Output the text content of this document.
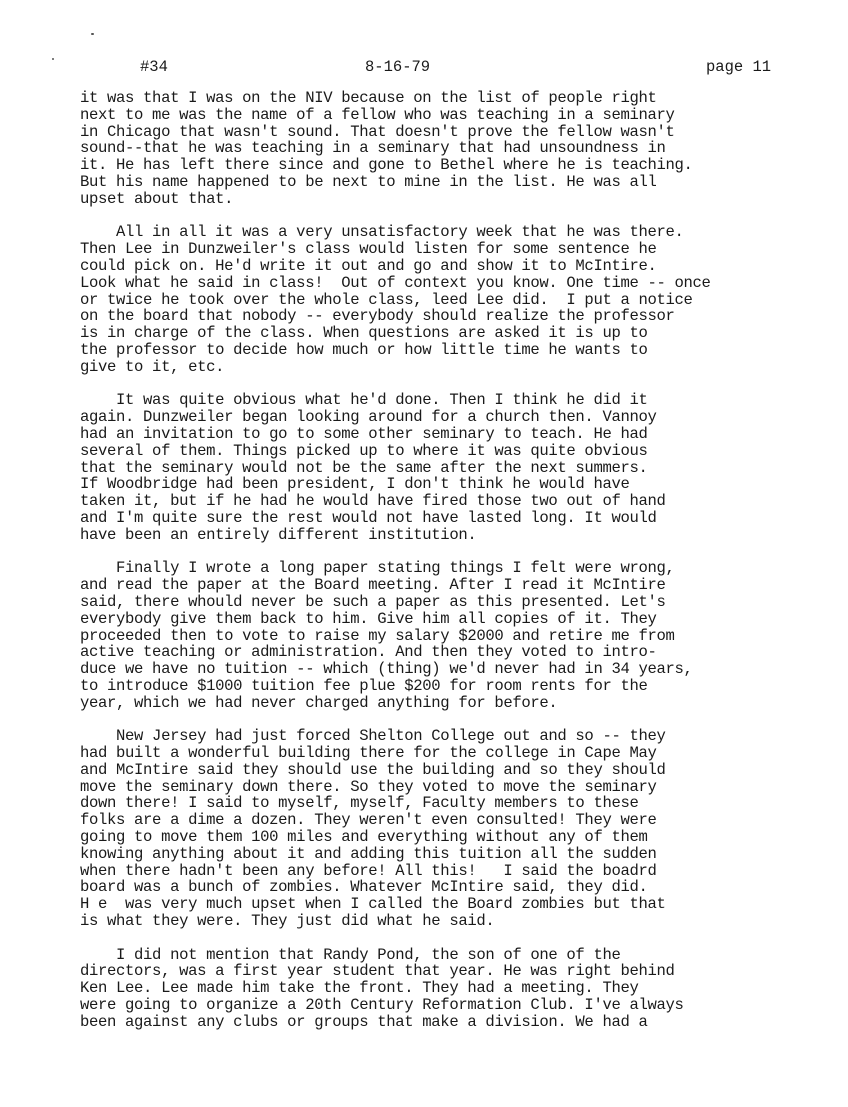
#34	8-16-79	page 11
it was that I was on the NIV because on the list of people right
next to me was the name of a fellow who was teaching in a seminary
in Chicago that wasn't sound. That doesn't prove the fellow wasn't
sound--that he was teaching in a seminary that had unsoundness in
it. He has left there since and gone to Bethel where he is teaching.
But his name happened to be next to mine in the list. He was all
upset about that.
All in all it was a very unsatisfactory week that he was there.
Then Lee in Dunzweiler's class would listen for some sentence he
could pick on. He'd write it out and go and show it to McIntire.
Look what he said in class!  Out of context you know. One time -- once
or twice he took over the whole class, leed Lee did.  I put a notice
on the board that nobody -- everybody should realize the professor
is in charge of the class. When questions are asked it is up to
the professor to decide how much or how little time he wants to
give to it, etc.
It was quite obvious what he'd done. Then I think he did it
again. Dunzweiler began looking around for a church then. Vannoy
had an invitation to go to some other seminary to teach. He had
several of them. Things picked up to where it was quite obvious
that the seminary would not be the same after the next summers.
If Woodbridge had been president, I don't think he would have
taken it, but if he had he would have fired those two out of hand
and I'm quite sure the rest would not have lasted long. It would
have been an entirely different institution.
Finally I wrote a long paper stating things I felt were wrong,
and read the paper at the Board meeting. After I read it McIntire
said, there whould never be such a paper as this presented. Let's
everybody give them back to him. Give him all copies of it. They
proceeded then to vote to raise my salary $2000 and retire me from
active teaching or administration. And then they voted to intro-
duce we have no tuition -- which (thing) we'd never had in 34 years,
to introduce $1000 tuition fee plue $200 for room rents for the
year, which we had never charged anything for before.
New Jersey had just forced Shelton College out and so -- they
had built a wonderful building there for the college in Cape May
and McIntire said they should use the building and so they should
move the seminary down there. So they voted to move the seminary
down there! I said to myself, myself, Faculty members to these
folks are a dime a dozen. They weren't even consulted! They were
going to move them 100 miles and everything without any of them
knowing anything about it and adding this tuition all the sudden
when there hadn't been any before! All this!   I said the boadrd
board was a bunch of zombies. Whatever McIntire said, they did.
H e  was very much upset when I called the Board zombies but that
is what they were. They just did what he said.
I did not mention that Randy Pond, the son of one of the
directors, was a first year student that year. He was right behind
Ken Lee. Lee made him take the front. They had a meeting. They
were going to organize a 20th Century Reformation Club. I've always
been against any clubs or groups that make a division. We had a
